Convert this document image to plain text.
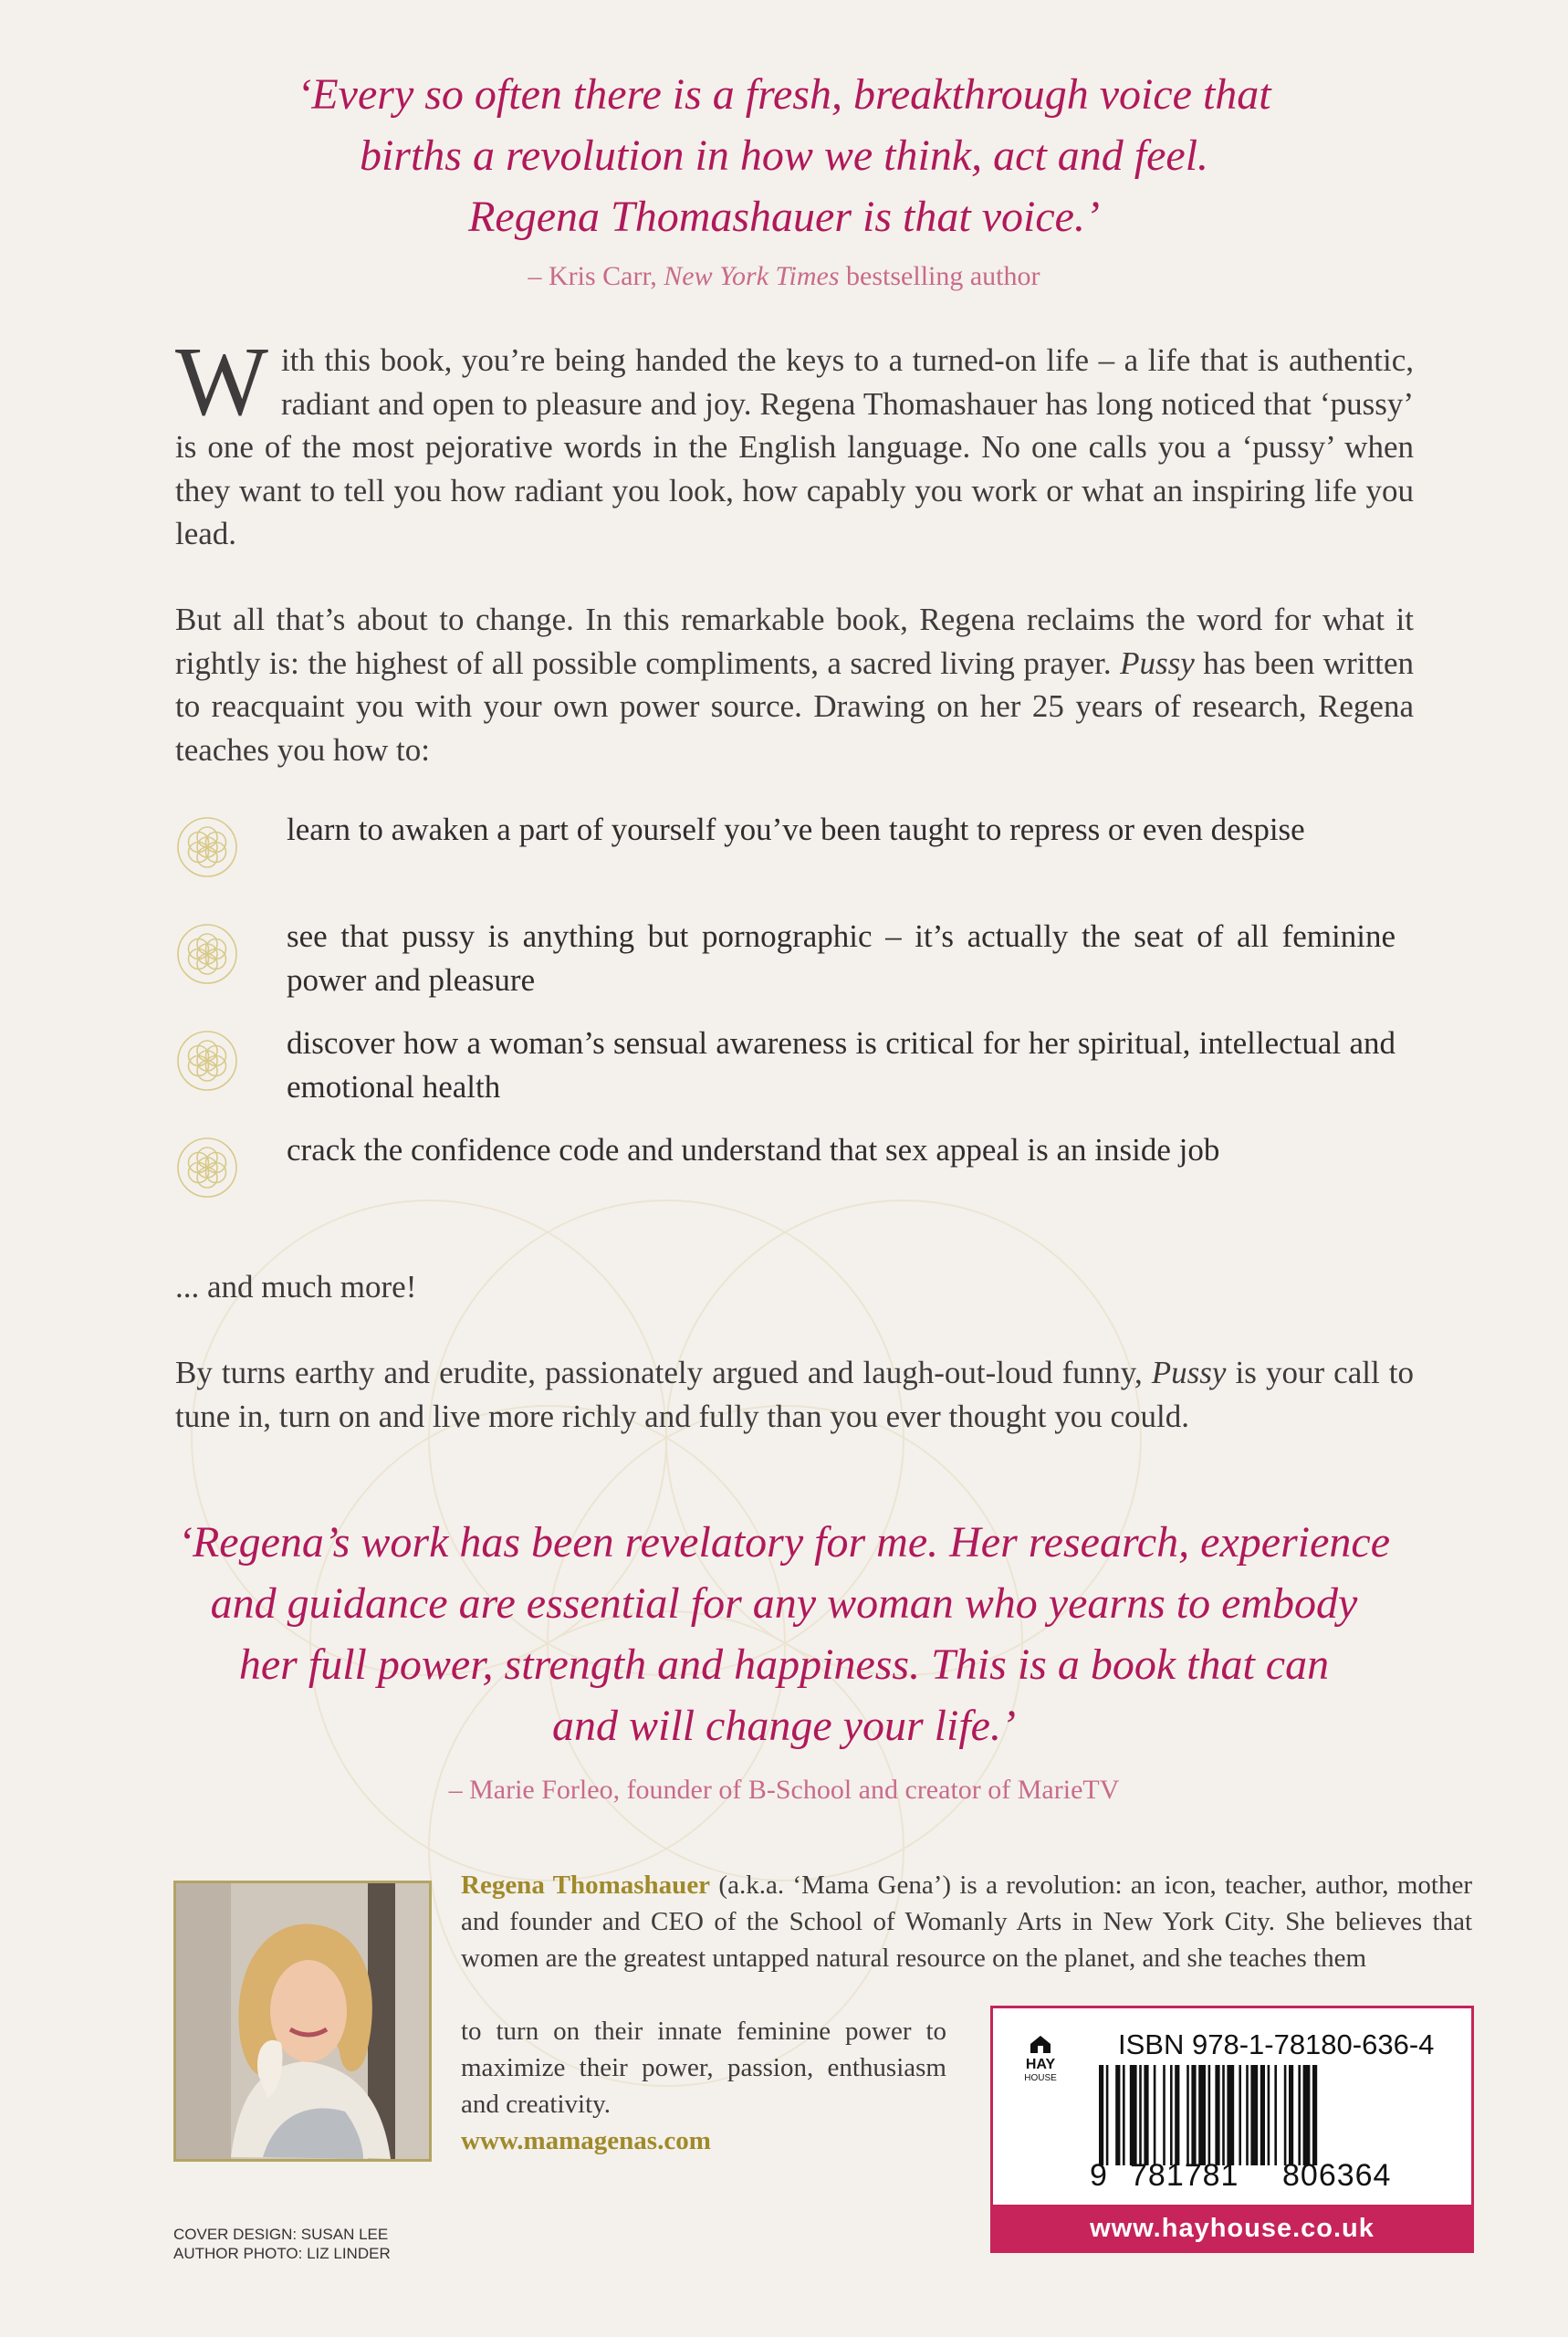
‘Every so often there is a fresh, breakthrough voice that
births a revolution in how we think, act and feel.
Regena Thomashauer is that voice.’
– Kris Carr, New York Times bestselling author
With this book, you’re being handed the keys to a turned-on life – a life that is authentic, radiant and open to pleasure and joy. Regena Thomashauer has long noticed that ‘pussy’ is one of the most pejorative words in the English language. No one calls you a ‘pussy’ when they want to tell you how radiant you look, how capably you work or what an inspiring life you lead.
But all that’s about to change. In this remarkable book, Regena reclaims the word for what it rightly is: the highest of all possible compliments, a sacred living prayer. Pussy has been written to reacquaint you with your own power source. Drawing on her 25 years of research, Regena teaches you how to:
learn to awaken a part of yourself you’ve been taught to repress or even despise
see that pussy is anything but pornographic – it’s actually the seat of all feminine power and pleasure
discover how a woman’s sensual awareness is critical for her spiritual, intellectual and emotional health
crack the confidence code and understand that sex appeal is an inside job
... and much more!
By turns earthy and erudite, passionately argued and laugh-out-loud funny, Pussy is your call to tune in, turn on and live more richly and fully than you ever thought you could.
‘Regena’s work has been revelatory for me. Her research, experience
and guidance are essential for any woman who yearns to embody
her full power, strength and happiness. This is a book that can
and will change your life.’
– Marie Forleo, founder of B-School and creator of MarieTV
Regena Thomashauer (a.k.a. ‘Mama Gena’) is a revolution: an icon, teacher, author, mother and founder and CEO of the School of Womanly Arts in New York City. She believes that women are the greatest untapped natural resource on the planet, and she teaches them
to turn on their innate feminine power to maximize their power, passion, enthusiasm and creativity.
www.mamagenas.com
HAY
HOUSE
ISBN 978-1-78180-636-4
9 781781 806364
www.hayhouse.co.uk
COVER DESIGN: SUSAN LEE
AUTHOR PHOTO: LIZ LINDER
